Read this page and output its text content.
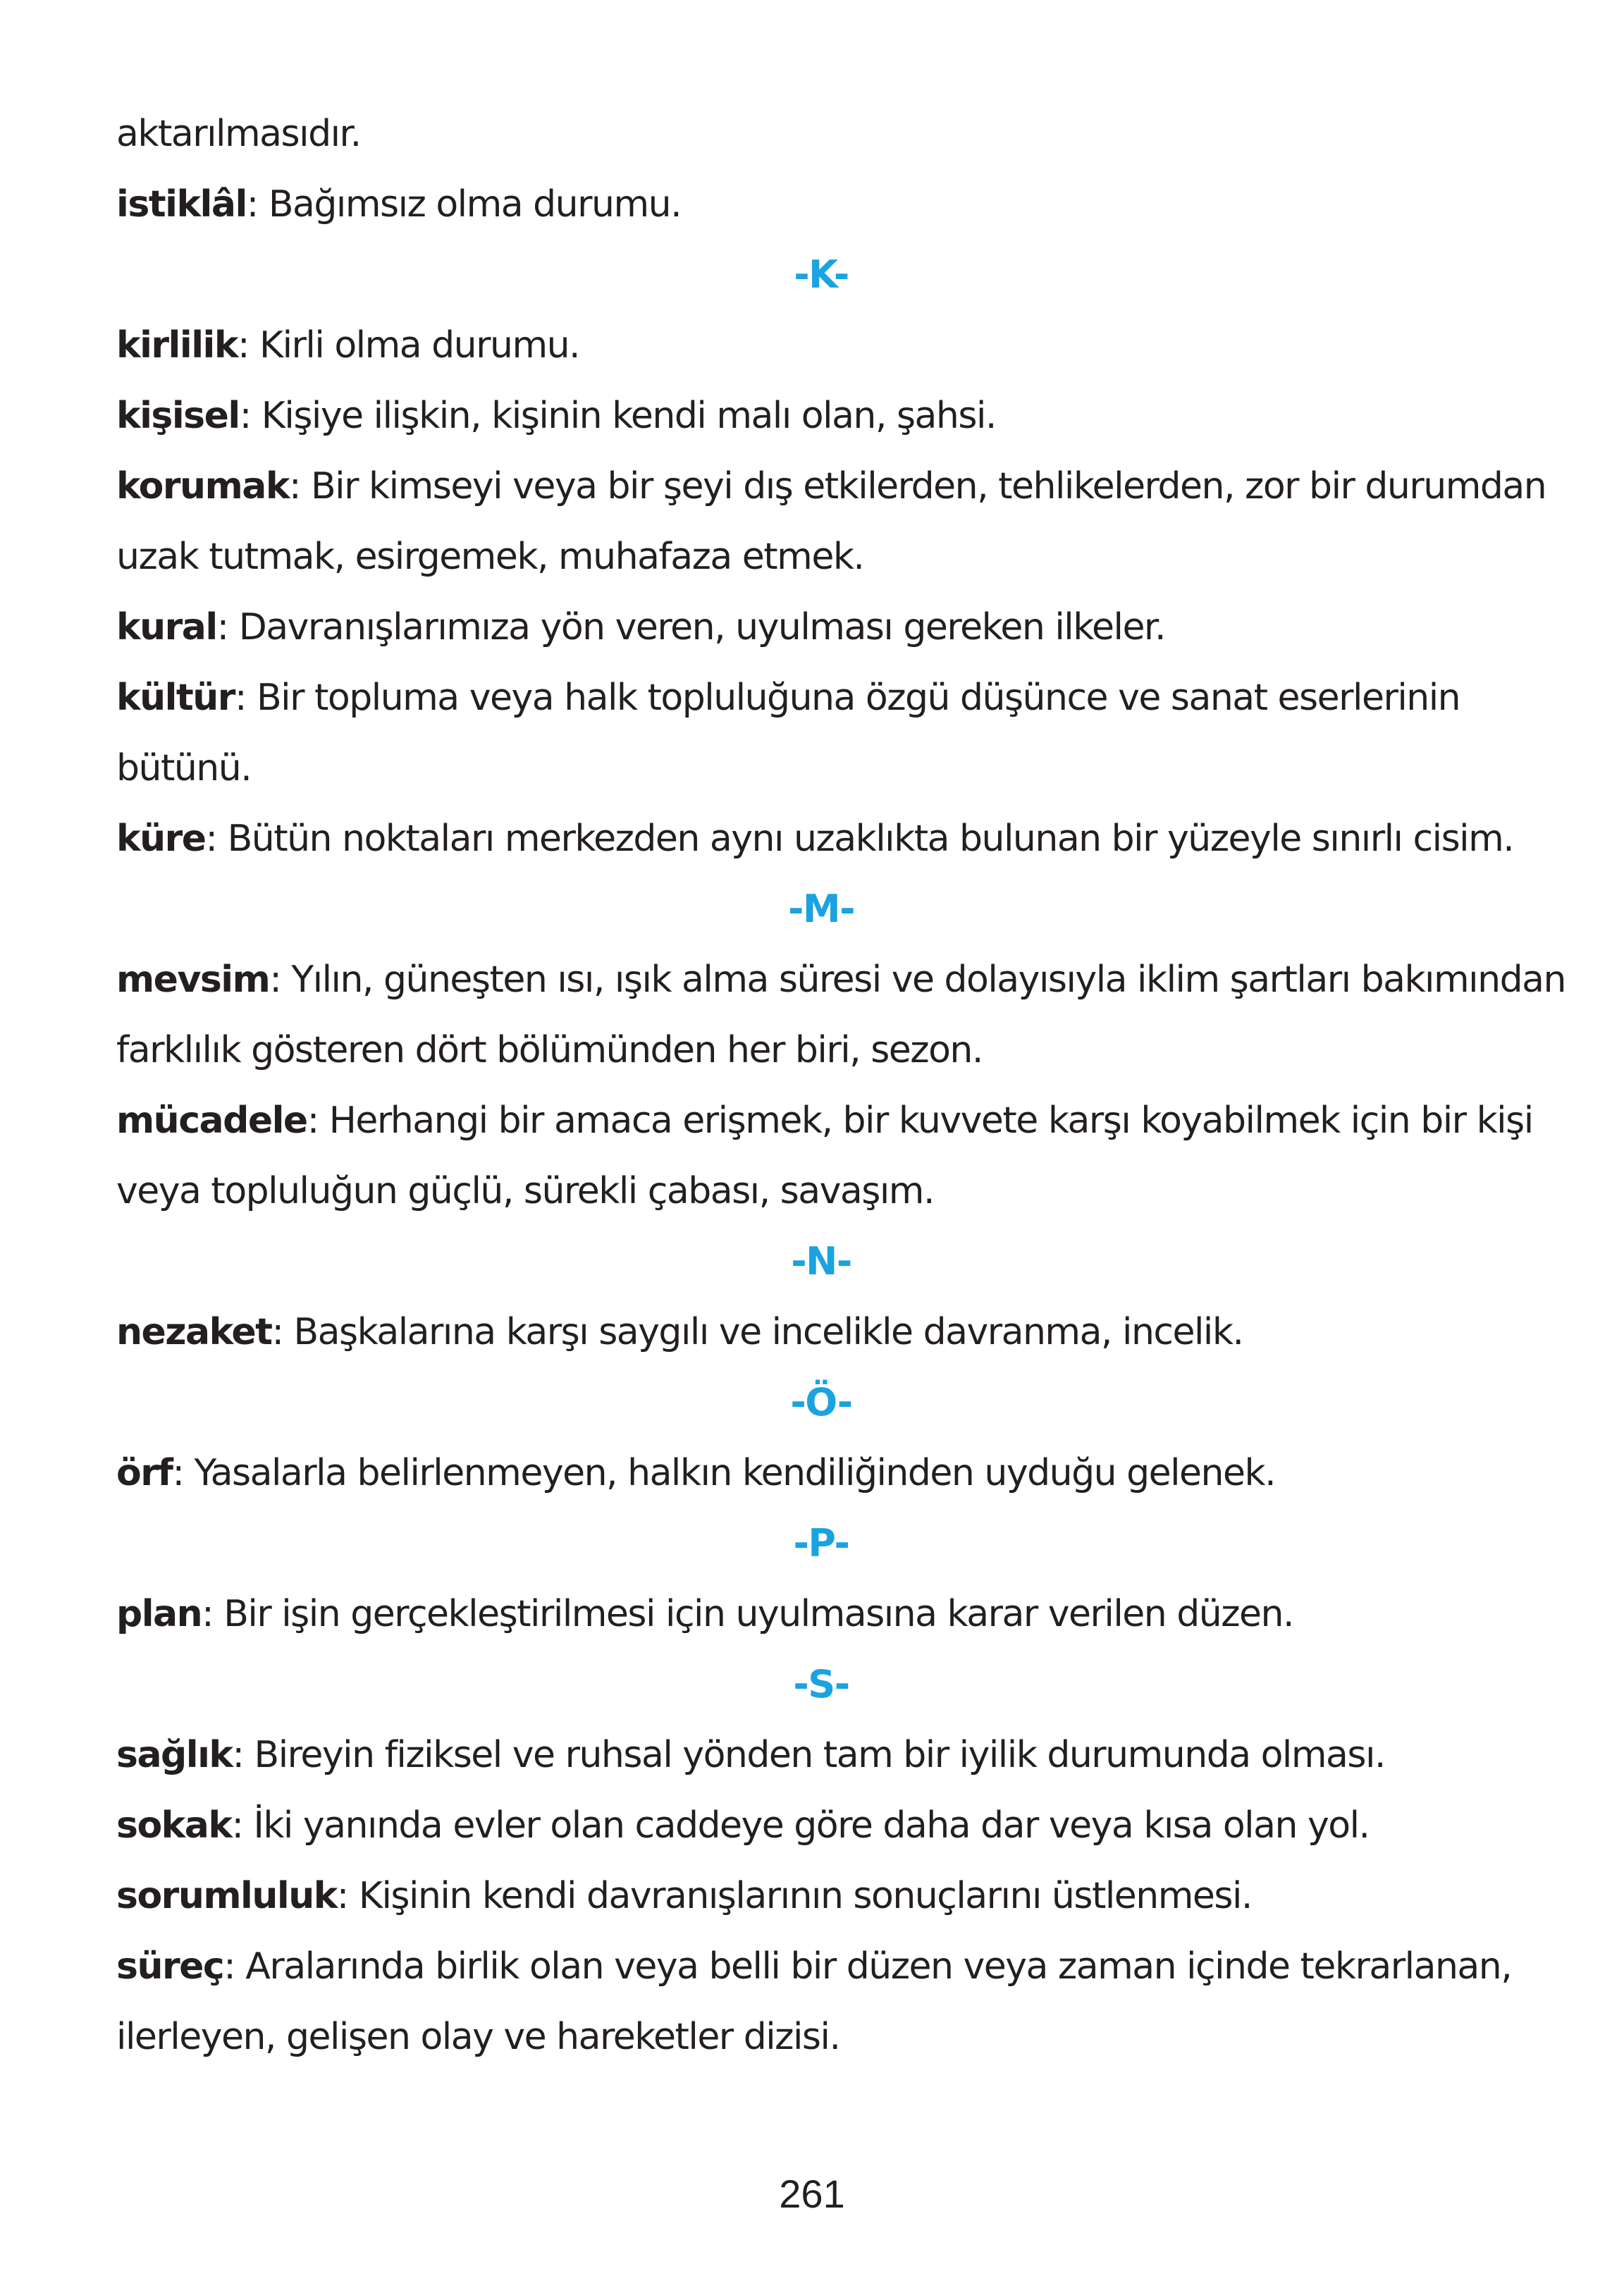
aktarılmasıdır.
istiklâl: Bağımsız olma durumu.
-K-
kirlilik: Kirli olma durumu.
kişisel: Kişiye ilişkin, kişinin kendi malı olan, şahsi.
korumak: Bir kimseyi veya bir şeyi dış etkilerden, tehlikelerden, zor bir durumdan
uzak tutmak, esirgemek, muhafaza etmek.
kural: Davranışlarımıza yön veren, uyulması gereken ilkeler.
kültür: Bir topluma veya halk topluluğuna özgü düşünce ve sanat eserlerinin
bütünü.
küre: Bütün noktaları merkezden aynı uzaklıkta bulunan bir yüzeyle sınırlı cisim.
-M-
mevsim: Yılın, güneşten ısı, ışık alma süresi ve dolayısıyla iklim şartları bakımından
farklılık gösteren dört bölümünden her biri, sezon.
mücadele: Herhangi bir amaca erişmek, bir kuvvete karşı koyabilmek için bir kişi
veya topluluğun güçlü, sürekli çabası, savaşım.
-N-
nezaket: Başkalarına karşı saygılı ve incelikle davranma, incelik.
-Ö-
örf: Yasalarla belirlenmeyen, halkın kendiliğinden uyduğu gelenek.
-P-
plan: Bir işin gerçekleştirilmesi için uyulmasına karar verilen düzen.
-S-
sağlık: Bireyin fiziksel ve ruhsal yönden tam bir iyilik durumunda olması.
sokak: İki yanında evler olan caddeye göre daha dar veya kısa olan yol.
sorumluluk: Kişinin kendi davranışlarının sonuçlarını üstlenmesi.
süreç: Aralarında birlik olan veya belli bir düzen veya zaman içinde tekrarlanan,
ilerleyen, gelişen olay ve hareketler dizisi.
261
